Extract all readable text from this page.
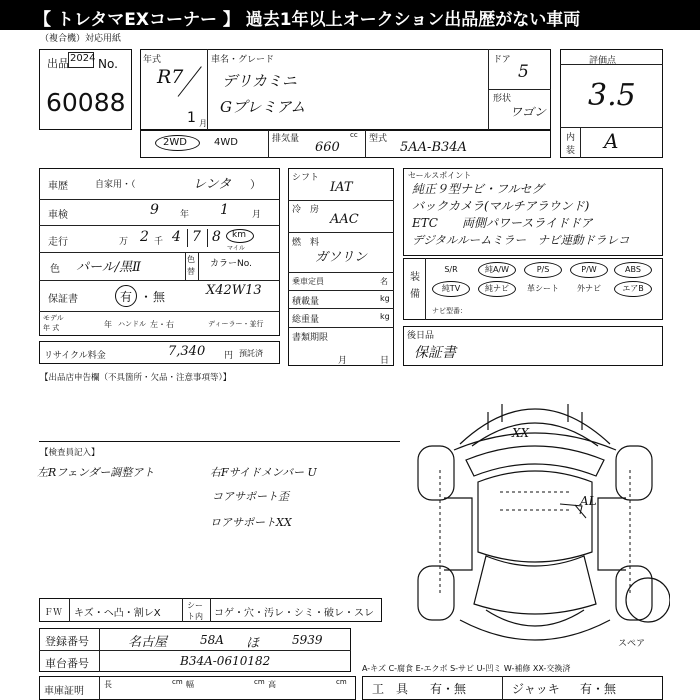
【 トレタマEXコーナー 】 過去1年以上オークション出品歴がない車両
（複合機）対応用紙
出品 2024 No.
60088
年式
R7
1 月
車名・グレード
デリカミニ
Gプレミアム
ドア
5
形状
ワゴン
評価点
3.5
内
装 A
2WD	4WD	排気量	cc
660
型式
5AA-B34A
車歴	自家用・（	レンタ ）
車検	9 年 1	月
走行	万 2 千 4 7 8 km
マイル
色 パール/黒Ⅱ
色
替
カラーNo.
保証書	有 ・ 無	X42W13
モデル
年 式	年 ハンドル 左・右	ディーラー・並行
リサイクル料金	7,340 円 預託済
シフト
IAT
冷　房
AAC
燃　料
ガソリン
乗車定員	名
積載量	kg
総重量	kg
書類期限
月	日
セールスポイント
純正９型ナビ・フルセグ
バックカメラ(マルチアラウンド)
ETC　　両側パワースライドドア
デジタルルームミラー　ナビ連動ドラレコ
装
備
S/R	純A/W	P/S	P/W	ABS
純TV	純ナビ	革シート	外ナビ	エアB
ナビ型番：
後日品
保証書
【出品店申告欄（不具箇所・欠品・注意事項等）】
【検査員記入】
左Rフェンダー調整アト	右Fサイドメンバー U
コアサポート歪
ロアサポートXX
XX
AL
スペア
ＦＷ キズ・ヘ凸・割レX
シー
ト内 コゲ・穴・汚レ・シミ・破レ・スレ
登録番号	名古屋	58A ほ	5939
車台番号	B34A-0610182
車庫証明
長	cm 幅	cm 高	cm
A-キズ C-腐食 E-エクボ S-サビ U-凹ミ W-補修 XX-交換済
工　具 有・無	ジャッキ 有・無
